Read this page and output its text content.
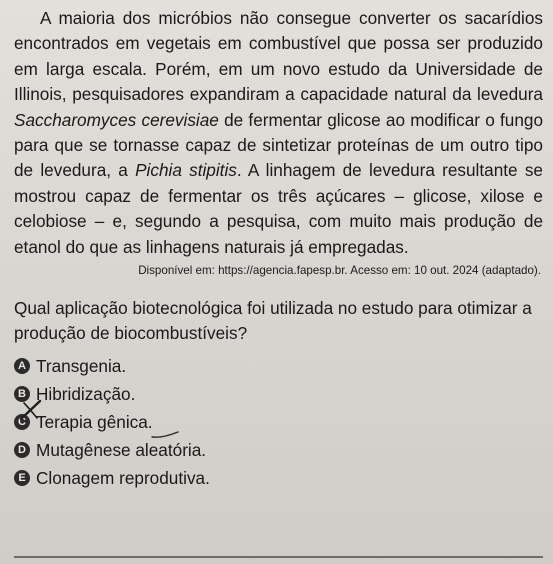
A maioria dos micróbios não consegue converter os sacarídios encontrados em vegetais em combustível que possa ser produzido em larga escala. Porém, em um novo estudo da Universidade de Illinois, pesquisadores expandiram a capacidade natural da levedura Saccharomyces cerevisiae de fermentar glicose ao modificar o fungo para que se tornasse capaz de sintetizar proteínas de um outro tipo de levedura, a Pichia stipitis. A linhagem de levedura resultante se mostrou capaz de fermentar os três açúcares – glicose, xilose e celobiose – e, segundo a pesquisa, com muito mais produção de etanol do que as linhagens naturais já empregadas.

Disponível em: https://agencia.fapesp.br. Acesso em: 10 out. 2024 (adaptado).

Qual aplicação biotecnológica foi utilizada no estudo para otimizar a produção de biocombustíveis?

A Transgenia.
B Hibridização.
C Terapia gênica.
D Mutagênese aleatória.
E Clonagem reprodutiva.
